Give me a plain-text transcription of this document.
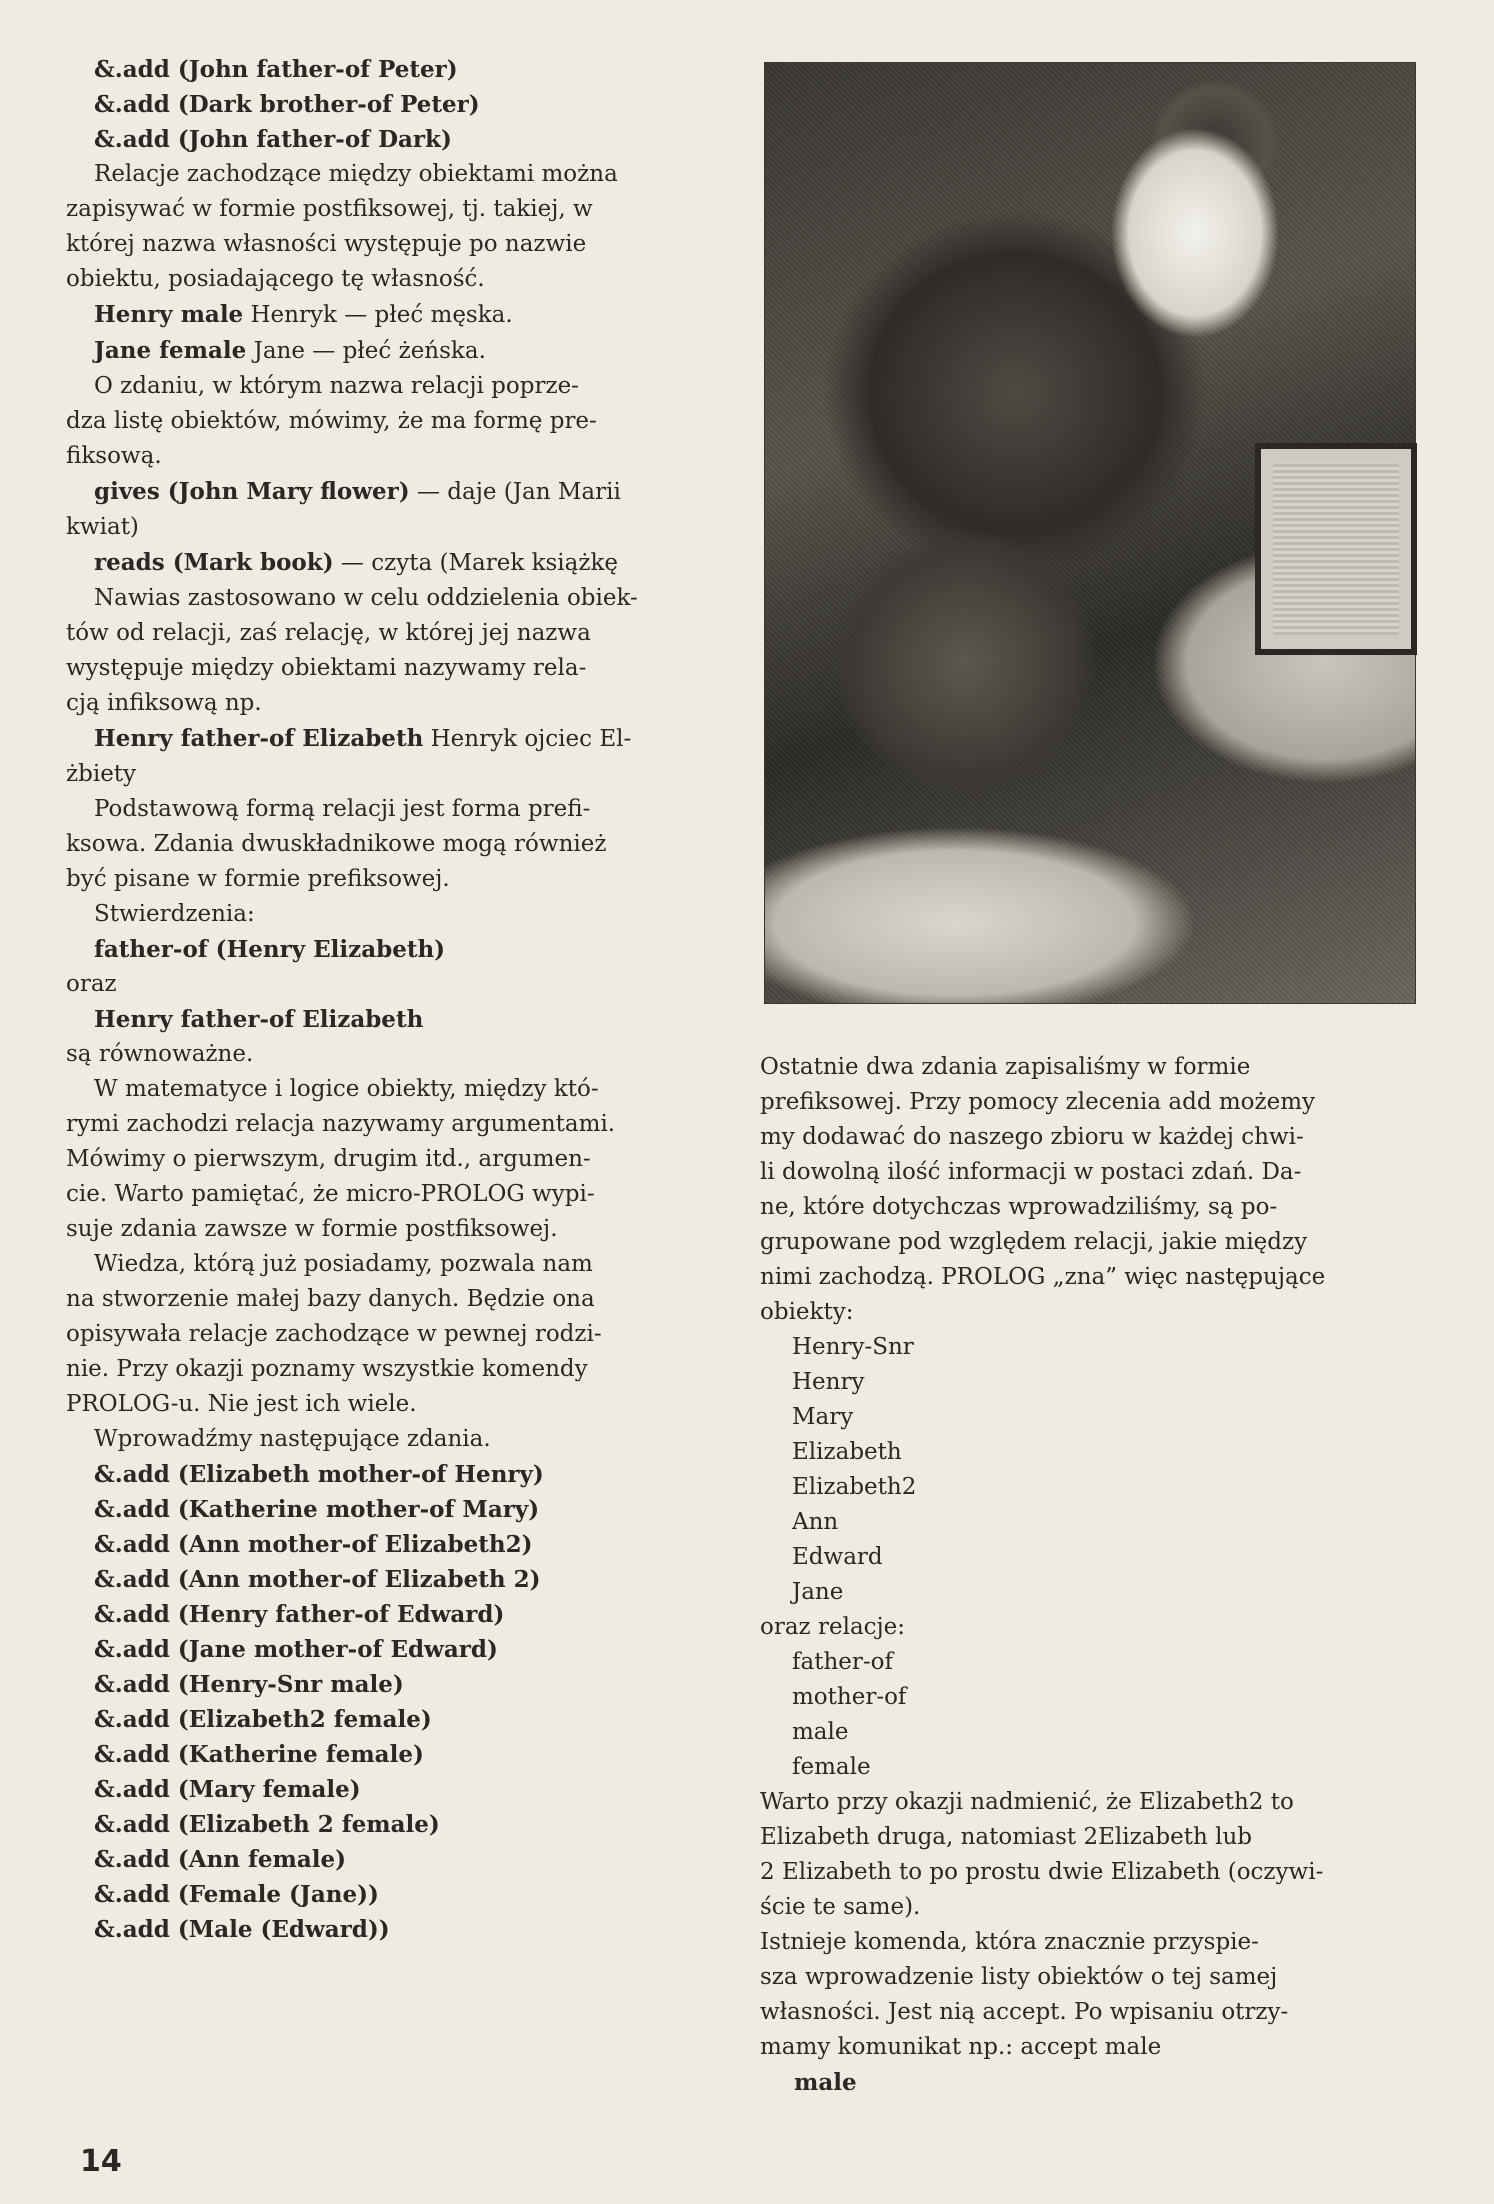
&.add (John father-of Peter)
&.add (Dark brother-of Peter)
&.add (John father-of Dark)
Relacje zachodzące między obiektami można
zapisywać w formie postfiksowej, tj. takiej, w
której nazwa własności występuje po nazwie
obiektu, posiadającego tę własność.
Henry male Henryk — płeć męska.
Jane female Jane — płeć żeńska.
O zdaniu, w którym nazwa relacji poprze-
dza listę obiektów, mówimy, że ma formę pre-
fiksową.
gives (John Mary flower) — daje (Jan Marii
kwiat)
reads (Mark book) — czyta (Marek książkę
Nawias zastosowano w celu oddzielenia obiek-
tów od relacji, zaś relację, w której jej nazwa
występuje między obiektami nazywamy rela-
cją infiksową np.
Henry father-of Elizabeth Henryk ojciec El-
żbiety
Podstawową formą relacji jest forma prefi-
ksowa. Zdania dwuskładnikowe mogą również
być pisane w formie prefiksowej.
Stwierdzenia:
father-of (Henry Elizabeth)
oraz
Henry father-of Elizabeth
są równoważne.
W matematyce i logice obiekty, między któ-
rymi zachodzi relacja nazywamy argumentami.
Mówimy o pierwszym, drugim itd., argumen-
cie. Warto pamiętać, że micro-PROLOG wypi-
suje zdania zawsze w formie postfiksowej.
Wiedza, którą już posiadamy, pozwala nam
na stworzenie małej bazy danych. Będzie ona
opisywała relacje zachodzące w pewnej rodzi-
nie. Przy okazji poznamy wszystkie komendy
PROLOG-u. Nie jest ich wiele.
Wprowadźmy następujące zdania.
&.add (Elizabeth mother-of Henry)
&.add (Katherine mother-of Mary)
&.add (Ann mother-of Elizabeth2)
&.add (Ann mother-of Elizabeth 2)
&.add (Henry father-of Edward)
&.add (Jane mother-of Edward)
&.add (Henry-Snr male)
&.add (Elizabeth2 female)
&.add (Katherine female)
&.add (Mary female)
&.add (Elizabeth 2 female)
&.add (Ann female)
&.add (Female (Jane))
&.add (Male (Edward))
Ostatnie dwa zdania zapisaliśmy w formie
prefiksowej. Przy pomocy zlecenia add możemy
my dodawać do naszego zbioru w każdej chwi-
li dowolną ilość informacji w postaci zdań. Da-
ne, które dotychczas wprowadziliśmy, są po-
grupowane pod względem relacji, jakie między
nimi zachodzą. PROLOG „zna” więc następujące
obiekty:
Henry-Snr
Henry
Mary
Elizabeth
Elizabeth2
Ann
Edward
Jane
oraz relacje:
father-of
mother-of
male
female
Warto przy okazji nadmienić, że Elizabeth2 to
Elizabeth druga, natomiast 2Elizabeth lub
2 Elizabeth to po prostu dwie Elizabeth (oczywi-
ście te same).
Istnieje komenda, która znacznie przyspie-
sza wprowadzenie listy obiektów o tej samej
własności. Jest nią accept. Po wpisaniu otrzy-
mamy komunikat np.: accept male
male
14
